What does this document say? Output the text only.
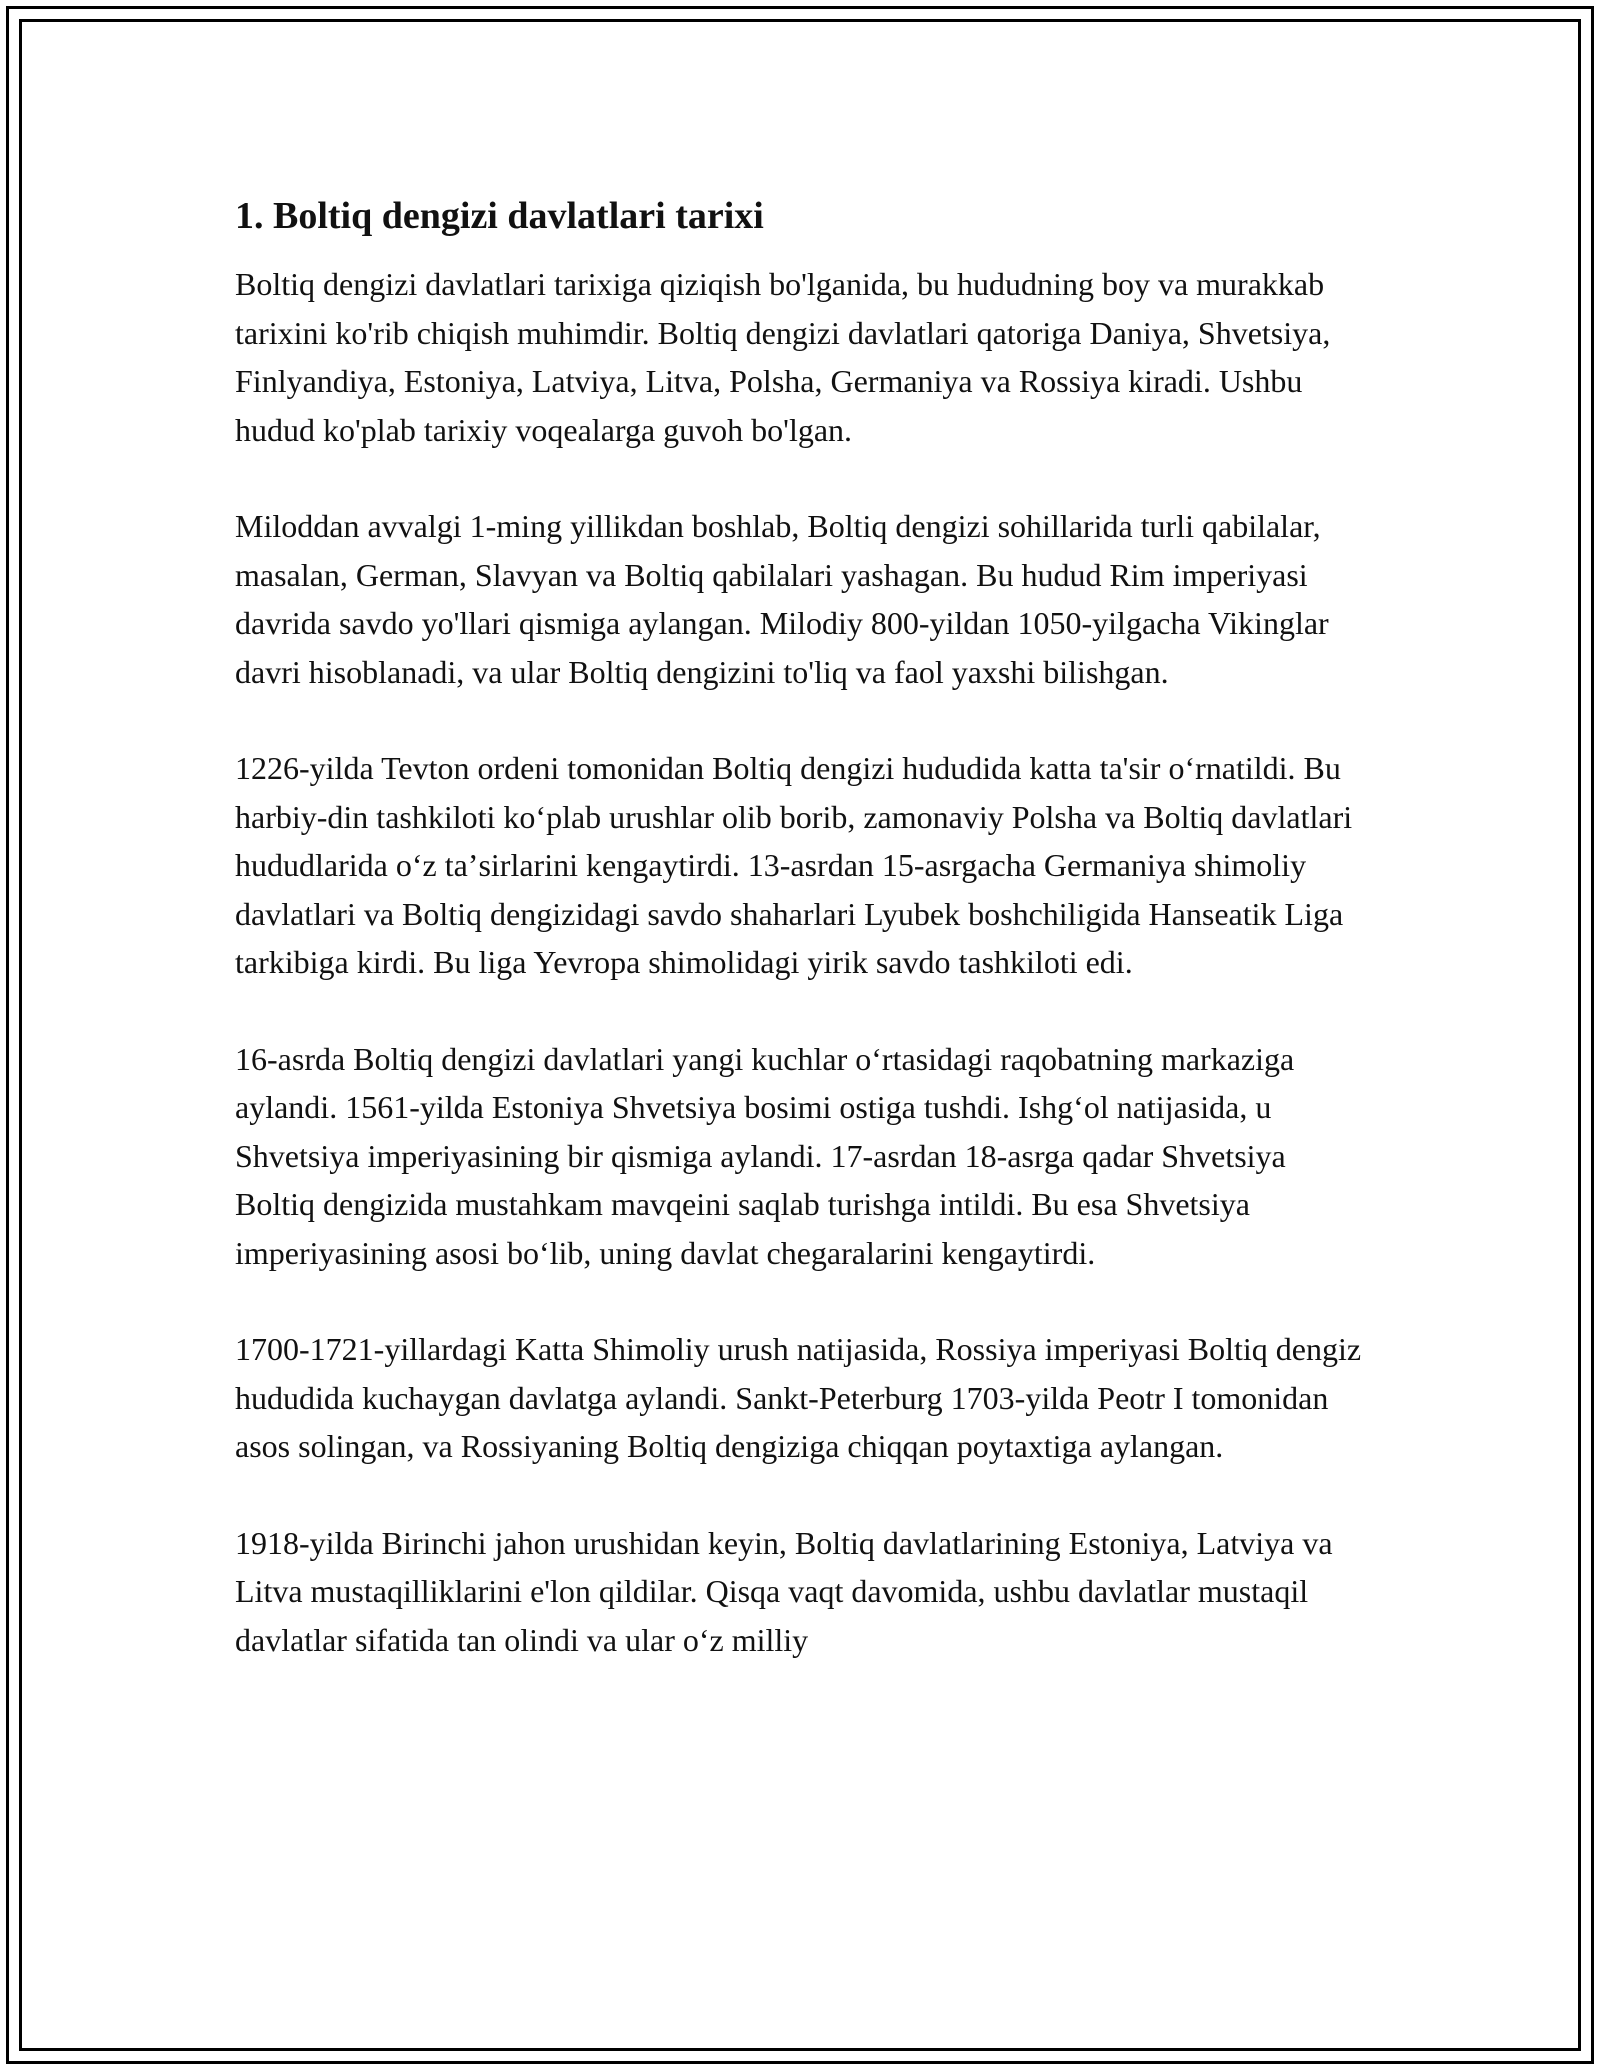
1. Boltiq dengizi davlatlari tarixi

Boltiq dengizi davlatlari tarixiga qiziqish bo'lganida, bu hududning boy va murakkab tarixini ko'rib chiqish muhimdir. Boltiq dengizi davlatlari qatoriga Daniya, Shvetsiya, Finlyandiya, Estoniya, Latviya, Litva, Polsha, Germaniya va Rossiya kiradi. Ushbu hudud ko'plab tarixiy voqealarga guvoh bo'lgan.

Miloddan avvalgi 1-ming yillikdan boshlab, Boltiq dengizi sohillarida turli qabilalar, masalan, German, Slavyan va Boltiq qabilalari yashagan. Bu hudud Rim imperiyasi davrida savdo yo'llari qismiga aylangan. Milodiy 800-yildan 1050-yilgacha Vikinglar davri hisoblanadi, va ular Boltiq dengizini to'liq va faol yaxshi bilishgan.

1226-yilda Tevton ordeni tomonidan Boltiq dengizi hududida katta ta'sir oʻrnatildi. Bu harbiy-din tashkiloti koʻplab urushlar olib borib, zamonaviy Polsha va Boltiq davlatlari hududlarida oʻz taʼsirlarini kengaytirdi. 13-asrdan 15-asrgacha Germaniya shimoliy davlatlari va Boltiq dengizidagi savdo shaharlari Lyubek boshchiligida Hanseatik Liga tarkibiga kirdi. Bu liga Yevropa shimolidagi yirik savdo tashkiloti edi.

16-asrda Boltiq dengizi davlatlari yangi kuchlar oʻrtasidagi raqobatning markaziga aylandi. 1561-yilda Estoniya Shvetsiya bosimi ostiga tushdi. Ishgʻol natijasida, u Shvetsiya imperiyasining bir qismiga aylandi. 17-asrdan 18-asrga qadar Shvetsiya Boltiq dengizida mustahkam mavqeini saqlab turishga intildi. Bu esa Shvetsiya imperiyasining asosi boʻlib, uning davlat chegaralarini kengaytirdi.

1700-1721-yillardagi Katta Shimoliy urush natijasida, Rossiya imperiyasi Boltiq dengiz hududida kuchaygan davlatga aylandi. Sankt-Peterburg 1703-yilda Peotr I tomonidan asos solingan, va Rossiyaning Boltiq dengiziga chiqqan poytaxtiga aylangan.

1918-yilda Birinchi jahon urushidan keyin, Boltiq davlatlarining Estoniya, Latviya va Litva mustaqilliklarini e'lon qildilar. Qisqa vaqt davomida, ushbu davlatlar mustaqil davlatlar sifatida tan olindi va ular oʻz milliy
